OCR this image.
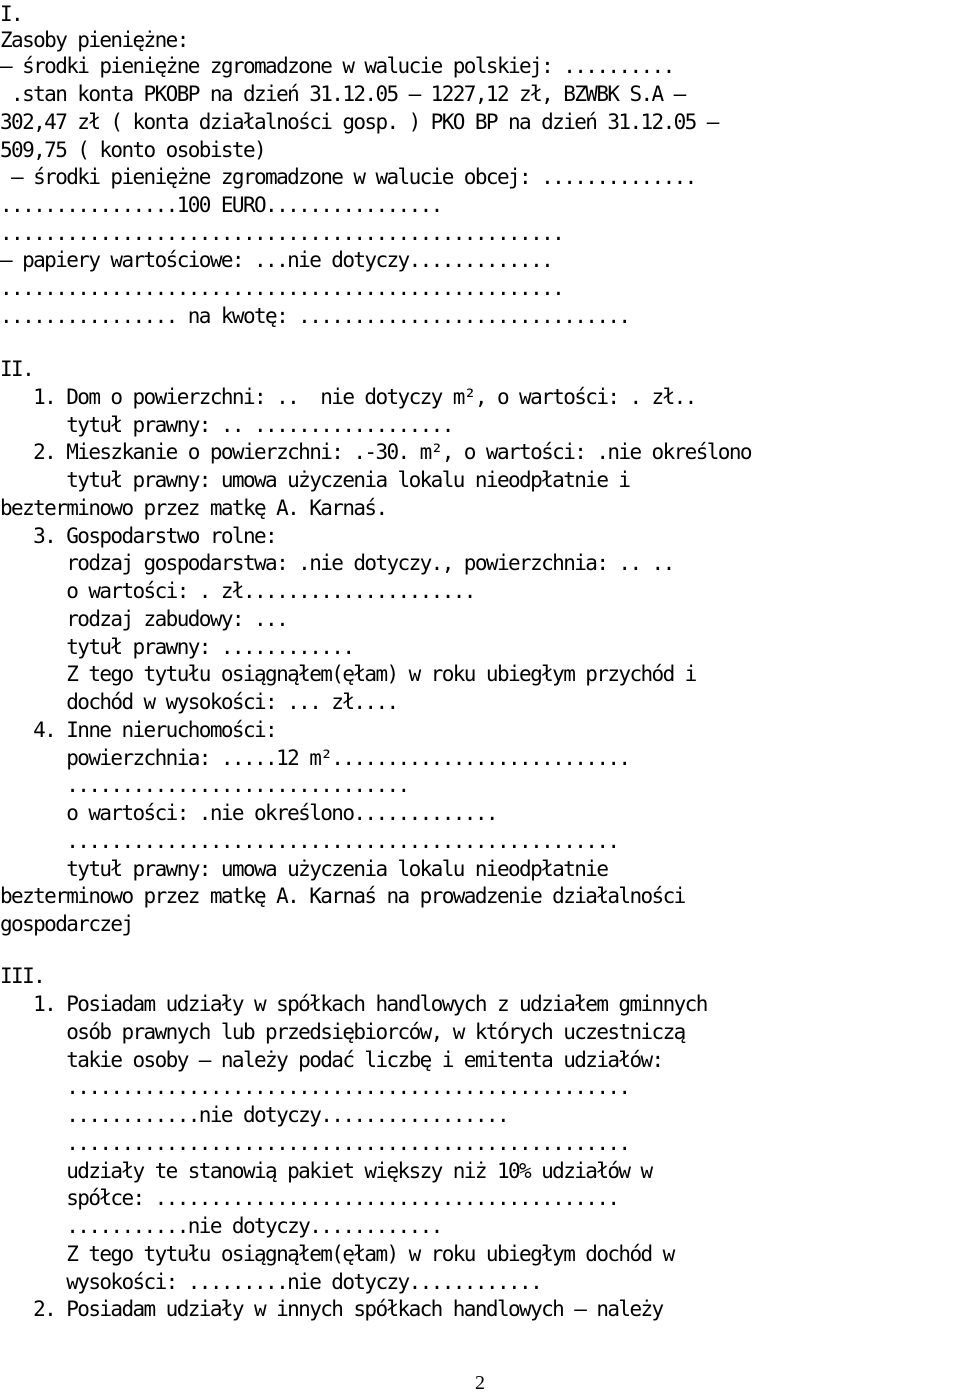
I.

Zasoby pieniężne:

– środki pieniężne zgromadzone w walucie polskiej: ..........

.stan konta PKOBP na dzień 31.12.05 – 1227,12 zł, BZWBK S.A –

302,47 zł ( konta działalności gosp. ) PKO BP na dzień 31.12.05 –

509,75 ( konto osobiste)

– środki pieniężne zgromadzone w walucie obcej: ..............

................100 EURO................

...................................................

– papiery wartościowe: ...nie dotyczy.............

...................................................

................ na kwotę: ..............................

II.

1. Dom o powierzchni: ..  nie dotyczy m², o wartości: . zł..

tytuł prawny: .. ..................

2. Mieszkanie o powierzchni: .-30. m², o wartości: .nie określono

tytuł prawny: umowa użyczenia lokalu nieodpłatnie i

bezterminowo przez matkę A. Karnaś.

3. Gospodarstwo rolne:

rodzaj gospodarstwa: .nie dotyczy., powierzchnia: .. ..

o wartości: . zł.....................

rodzaj zabudowy: ...

tytuł prawny: ............

Z tego tytułu osiągnąłem(ęłam) w roku ubiegłym przychód i

dochód w wysokości: ... zł....

4. Inne nieruchomości:

powierzchnia: .....12 m²...........................

...............................

o wartości: .nie określono.............

..................................................

tytuł prawny: umowa użyczenia lokalu nieodpłatnie

bezterminowo przez matkę A. Karnaś na prowadzenie działalności

gospodarczej

III.

1. Posiadam udziały w spółkach handlowych z udziałem gminnych

osób prawnych lub przedsiębiorców, w których uczestniczą

takie osoby – należy podać liczbę i emitenta udziałów:

...................................................

............nie dotyczy.................

...................................................

udziały te stanowią pakiet większy niż 10% udziałów w

spółce: ..........................................

...........nie dotyczy............

Z tego tytułu osiągnąłem(ęłam) w roku ubiegłym dochód w

wysokości: .........nie dotyczy............

2. Posiadam udziały w innych spółkach handlowych – należy

2
